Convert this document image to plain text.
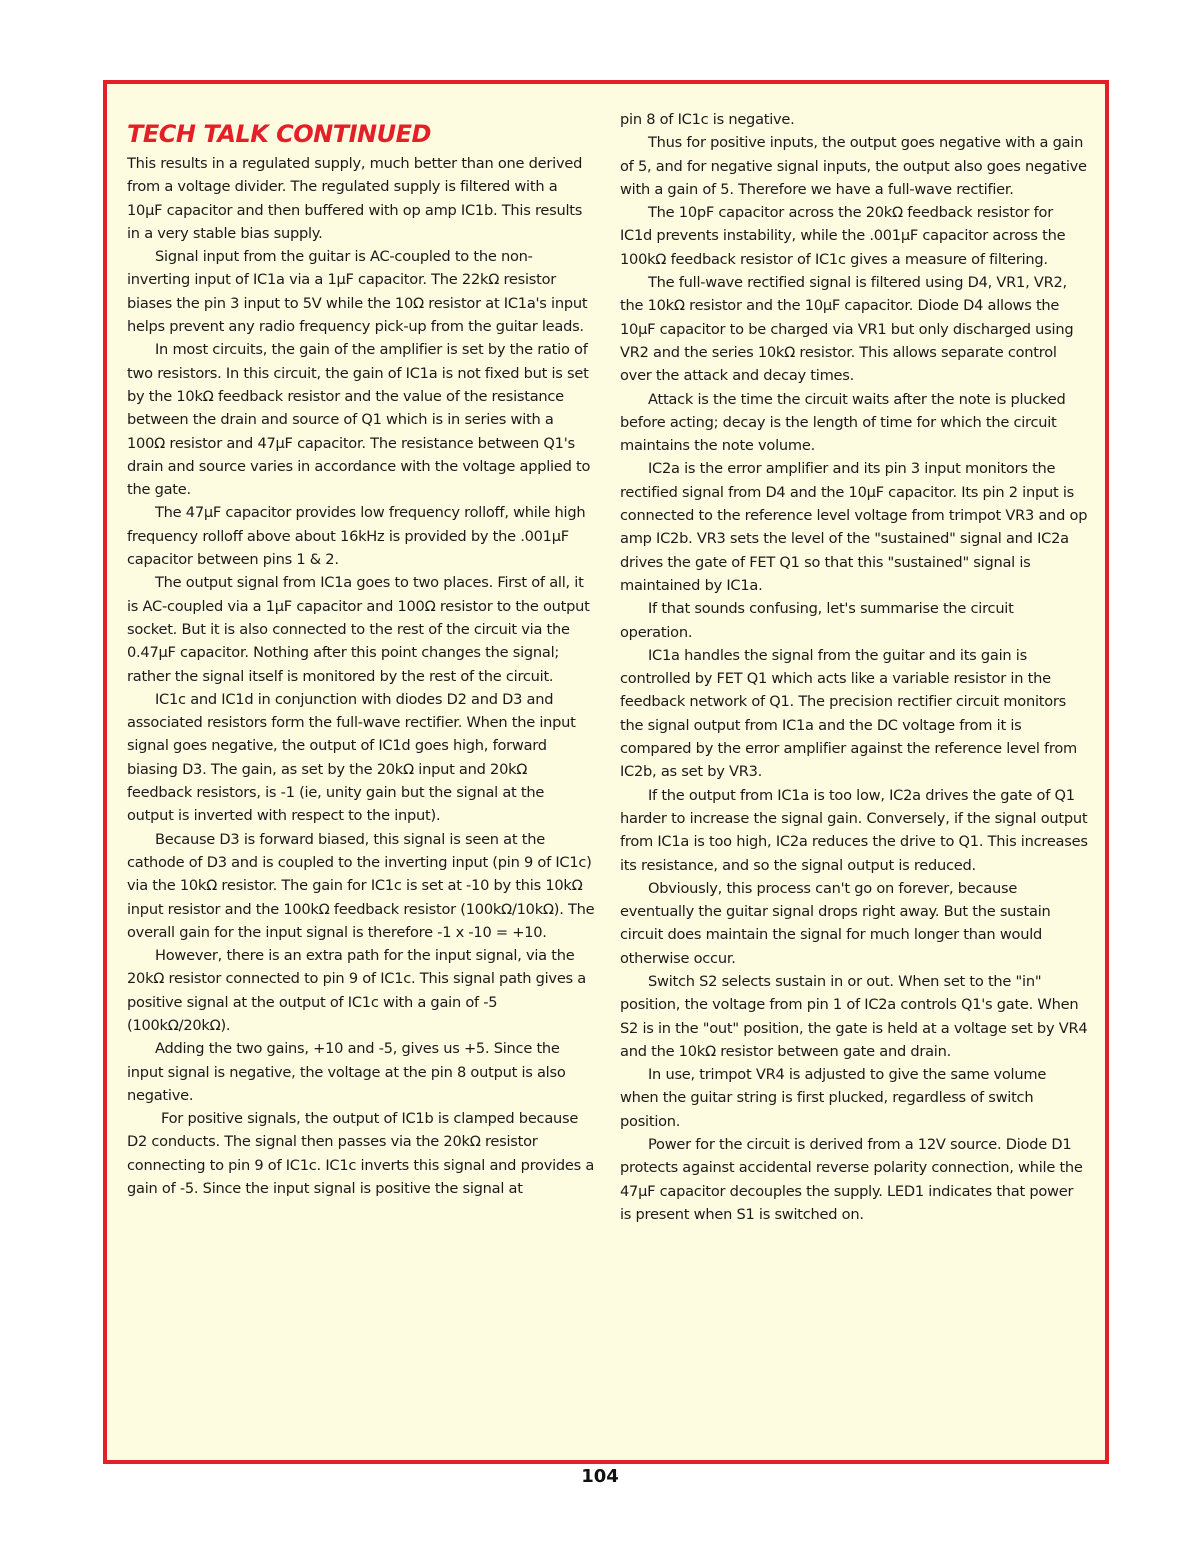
TECH TALK CONTINUED

This results in a regulated supply, much better than one derived from a voltage divider. The regulated supply is filtered with a 10µF capacitor and then buffered with op amp IC1b. This results in a very stable bias supply.

Signal input from the guitar is AC-coupled to the non-inverting input of IC1a via a 1µF capacitor. The 22kΩ resistor biases the pin 3 input to 5V while the 10Ω resistor at IC1a's input helps prevent any radio frequency pick-up from the guitar leads.

In most circuits, the gain of the amplifier is set by the ratio of two resistors. In this circuit, the gain of IC1a is not fixed but is set by the 10kΩ feedback resistor and the value of the resistance between the drain and source of Q1 which is in series with a 100Ω resistor and 47µF capacitor. The resistance between Q1's drain and source varies in accordance with the voltage applied to the gate.

The 47µF capacitor provides low frequency rolloff, while high frequency rolloff above about 16kHz is provided by the .001µF capacitor between pins 1 & 2.

The output signal from IC1a goes to two places. First of all, it is AC-coupled via a 1µF capacitor and 100Ω resistor to the output socket. But it is also connected to the rest of the circuit via the 0.47µF capacitor. Nothing after this point changes the signal; rather the signal itself is monitored by the rest of the circuit.

IC1c and IC1d in conjunction with diodes D2 and D3 and associated resistors form the full-wave rectifier. When the input signal goes negative, the output of IC1d goes high, forward biasing D3. The gain, as set by the 20kΩ input and 20kΩ feedback resistors, is -1 (ie, unity gain but the signal at the output is inverted with respect to the input).

Because D3 is forward biased, this signal is seen at the cathode of D3 and is coupled to the inverting input (pin 9 of IC1c) via the 10kΩ resistor. The gain for IC1c is set at -10 by this 10kΩ input resistor and the 100kΩ feedback resistor (100kΩ/10kΩ). The overall gain for the input signal is therefore -1 x -10 = +10.

However, there is an extra path for the input signal, via the 20kΩ resistor connected to pin 9 of IC1c. This signal path gives a positive signal at the output of IC1c with a gain of -5 (100kΩ/20kΩ).

Adding the two gains, +10 and -5, gives us +5. Since the input signal is negative, the voltage at the pin 8 output is also negative.

For positive signals, the output of IC1b is clamped because D2 conducts. The signal then passes via the 20kΩ resistor connecting to pin 9 of IC1c. IC1c inverts this signal and provides a gain of -5. Since the input signal is positive the signal at

pin 8 of IC1c is negative.

Thus for positive inputs, the output goes negative with a gain of 5, and for negative signal inputs, the output also goes negative with a gain of 5. Therefore we have a full-wave rectifier.

The 10pF capacitor across the 20kΩ feedback resistor for IC1d prevents instability, while the .001µF capacitor across the 100kΩ feedback resistor of IC1c gives a measure of filtering.

The full-wave rectified signal is filtered using D4, VR1, VR2, the 10kΩ resistor and the 10µF capacitor. Diode D4 allows the 10µF capacitor to be charged via VR1 but only discharged using VR2 and the series 10kΩ resistor. This allows separate control over the attack and decay times.

Attack is the time the circuit waits after the note is plucked before acting; decay is the length of time for which the circuit maintains the note volume.

IC2a is the error amplifier and its pin 3 input monitors the rectified signal from D4 and the 10µF capacitor. Its pin 2 input is connected to the reference level voltage from trimpot VR3 and op amp IC2b. VR3 sets the level of the "sustained" signal and IC2a drives the gate of FET Q1 so that this "sustained" signal is maintained by IC1a.

If that sounds confusing, let's summarise the circuit operation.

IC1a handles the signal from the guitar and its gain is controlled by FET Q1 which acts like a variable resistor in the feedback network of Q1. The precision rectifier circuit monitors the signal output from IC1a and the DC voltage from it is compared by the error amplifier against the reference level from IC2b, as set by VR3.

If the output from IC1a is too low, IC2a drives the gate of Q1 harder to increase the signal gain. Conversely, if the signal output from IC1a is too high, IC2a reduces the drive to Q1. This increases its resistance, and so the signal output is reduced.

Obviously, this process can't go on forever, because eventually the guitar signal drops right away. But the sustain circuit does maintain the signal for much longer than would otherwise occur.

Switch S2 selects sustain in or out. When set to the "in" position, the voltage from pin 1 of IC2a controls Q1's gate. When S2 is in the "out" position, the gate is held at a voltage set by VR4 and the 10kΩ resistor between gate and drain.

In use, trimpot VR4 is adjusted to give the same volume when the guitar string is first plucked, regardless of switch position.

Power for the circuit is derived from a 12V source. Diode D1 protects against accidental reverse polarity connection, while the 47µF capacitor decouples the supply. LED1 indicates that power is present when S1 is switched on.

104
